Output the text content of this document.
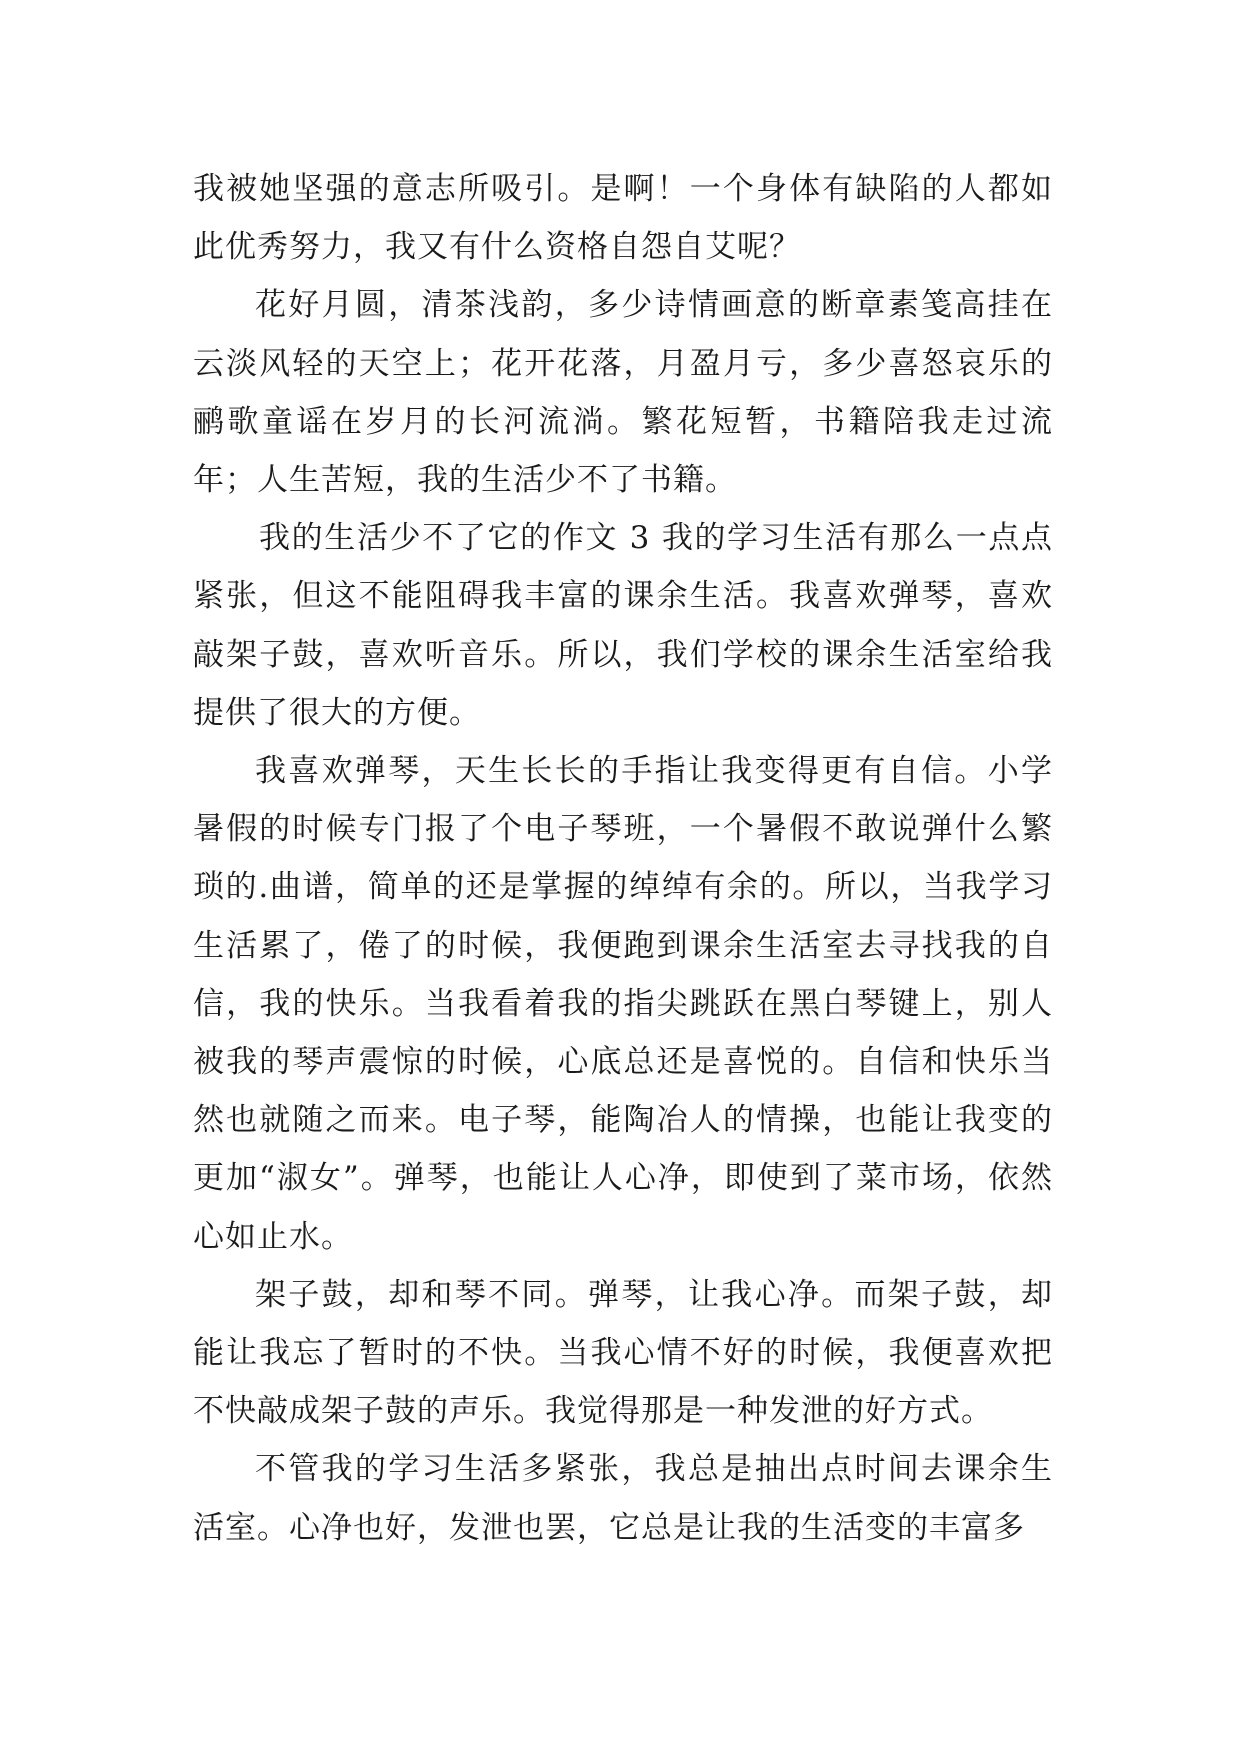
我被她坚强的意志所吸引。是啊！一个身体有缺陷的人都如此优秀努力，我又有什么资格自怨自艾呢？

花好月圆，清茶浅韵，多少诗情画意的断章素笺高挂在云淡风轻的天空上；花开花落，月盈月亏，多少喜怒哀乐的鹂歌童谣在岁月的长河流淌。繁花短暂，书籍陪我走过流年；人生苦短，我的生活少不了书籍。

我的生活少不了它的作文 3 我的学习生活有那么一点点紧张，但这不能阻碍我丰富的课余生活。我喜欢弹琴，喜欢敲架子鼓，喜欢听音乐。所以，我们学校的课余生活室给我提供了很大的方便。

我喜欢弹琴，天生长长的手指让我变得更有自信。小学暑假的时候专门报了个电子琴班，一个暑假不敢说弹什么繁琐的.曲谱，简单的还是掌握的绰绰有余的。所以，当我学习生活累了，倦了的时候，我便跑到课余生活室去寻找我的自信，我的快乐。当我看着我的指尖跳跃在黑白琴键上，别人被我的琴声震惊的时候，心底总还是喜悦的。自信和快乐当然也就随之而来。电子琴，能陶冶人的情操，也能让我变的更加“淑女”。弹琴，也能让人心净，即使到了菜市场，依然心如止水。

架子鼓，却和琴不同。弹琴，让我心净。而架子鼓，却能让我忘了暂时的不快。当我心情不好的时候，我便喜欢把不快敲成架子鼓的声乐。我觉得那是一种发泄的好方式。

不管我的学习生活多紧张，我总是抽出点时间去课余生活室。心净也好，发泄也罢，它总是让我的生活变的丰富多
